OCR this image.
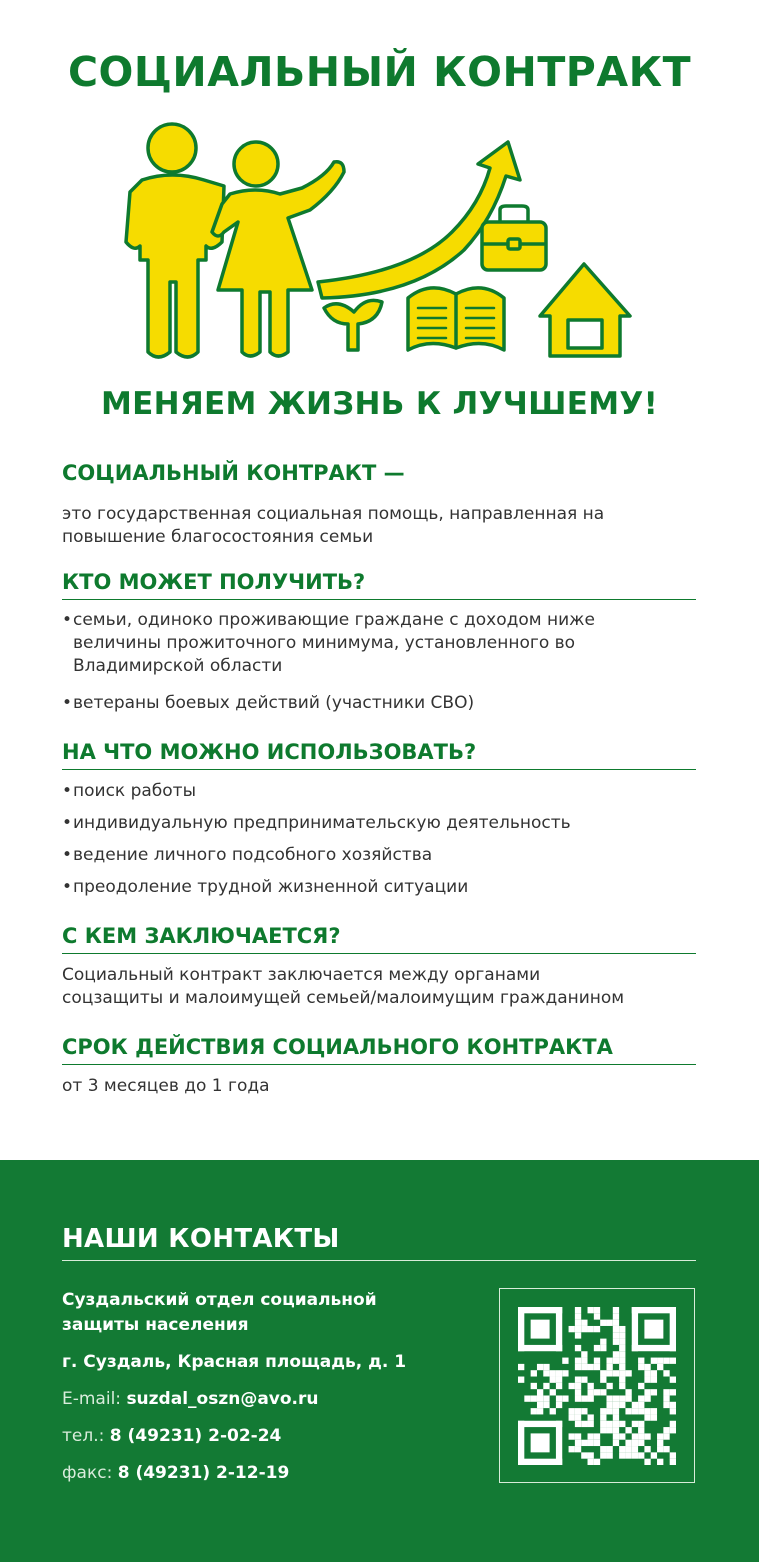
СОЦИАЛЬНЫЙ КОНТРАКТ
МЕНЯЕМ ЖИЗНЬ К ЛУЧШЕМУ!
СОЦИАЛЬНЫЙ КОНТРАКТ —
это государственная социальная помощь, направленная на
повышение благосостояния семьи
КТО МОЖЕТ ПОЛУЧИТЬ?
• семьи, одиноко проживающие граждане с доходом ниже
величины прожиточного минимума, установленного во
Владимирской области
• ветераны боевых действий (участники СВО)
НА ЧТО МОЖНО ИСПОЛЬЗОВАТЬ?
• поиск работы
• индивидуальную предпринимательскую деятельность
• ведение личного подсобного хозяйства
• преодоление трудной жизненной ситуации
С КЕМ ЗАКЛЮЧАЕТСЯ?
Социальный контракт заключается между органами
соцзащиты и малоимущей семьей/малоимущим гражданином
СРОК ДЕЙСТВИЯ СОЦИАЛЬНОГО КОНТРАКТА
от 3 месяцев до 1 года
НАШИ КОНТАКТЫ
Суздальский отдел социальной
защиты населения
г. Суздаль, Красная площадь, д. 1
E-mail: suzdal_oszn@avo.ru
тел.: 8 (49231) 2-02-24
факс: 8 (49231) 2-12-19
